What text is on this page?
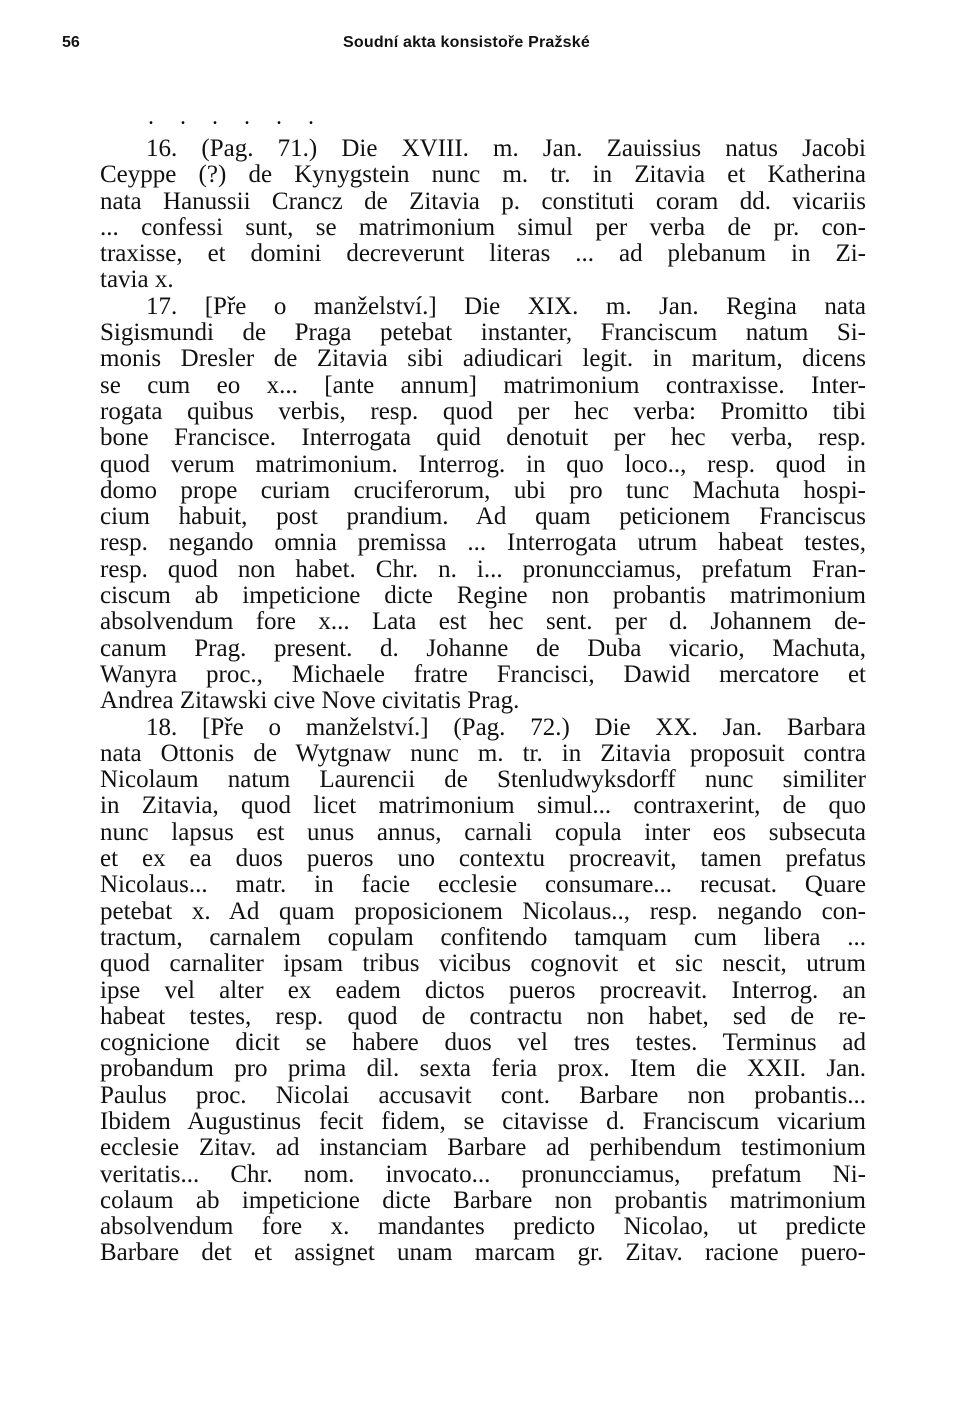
56	Soudní akta konsistoře Pražské
. . . . . .
16. (Pag. 71.) Die XVIII. m. Jan. Zauissius natus Jacobi
Ceyppe (?) de Kynygstein nunc m. tr. in Zitavia et Katherina
nata Hanussii Crancz de Zitavia p. constituti coram dd. vicariis
... confessi sunt, se matrimonium simul per verba de pr. con-
traxisse, et domini decreverunt literas ... ad plebanum in Zi-
tavia x.
17. [Pře o manželství.] Die XIX. m. Jan. Regina nata
Sigismundi de Praga petebat instanter, Franciscum natum Si-
monis Dresler de Zitavia sibi adiudicari legit. in maritum, dicens
se cum eo x... [ante annum] matrimonium contraxisse. Inter-
rogata quibus verbis, resp. quod per hec verba: Promitto tibi
bone Francisce. Interrogata quid denotuit per hec verba, resp.
quod verum matrimonium. Interrog. in quo loco.., resp. quod in
domo prope curiam cruciferorum, ubi pro tunc Machuta hospi-
cium habuit, post prandium. Ad quam peticionem Franciscus
resp. negando omnia premissa ... Interrogata utrum habeat testes,
resp. quod non habet. Chr. n. i... pronuncciamus, prefatum Fran-
ciscum ab impeticione dicte Regine non probantis matrimonium
absolvendum fore x... Lata est hec sent. per d. Johannem de-
canum Prag. present. d. Johanne de Duba vicario, Machuta,
Wanyra proc., Michaele fratre Francisci, Dawid mercatore et
Andrea Zitawski cive Nove civitatis Prag.
18. [Pře o manželství.] (Pag. 72.) Die XX. Jan. Barbara
nata Ottonis de Wytgnaw nunc m. tr. in Zitavia proposuit contra
Nicolaum natum Laurencii de Stenludwyksdorff nunc similiter
in Zitavia, quod licet matrimonium simul... contraxerint, de quo
nunc lapsus est unus annus, carnali copula inter eos subsecuta
et ex ea duos pueros uno contextu procreavit, tamen prefatus
Nicolaus... matr. in facie ecclesie consumare... recusat. Quare
petebat x. Ad quam proposicionem Nicolaus.., resp. negando con-
tractum, carnalem copulam confitendo tamquam cum libera ...
quod carnaliter ipsam tribus vicibus cognovit et sic nescit, utrum
ipse vel alter ex eadem dictos pueros procreavit. Interrog. an
habeat testes, resp. quod de contractu non habet, sed de re-
cognicione dicit se habere duos vel tres testes. Terminus ad
probandum pro prima dil. sexta feria prox. Item die XXII. Jan.
Paulus proc. Nicolai accusavit cont. Barbare non probantis...
Ibidem Augustinus fecit fidem, se citavisse d. Franciscum vicarium
ecclesie Zitav. ad instanciam Barbare ad perhibendum testimonium
veritatis... Chr. nom. invocato... pronuncciamus, prefatum Ni-
colaum ab impeticione dicte Barbare non probantis matrimonium
absolvendum fore x. mandantes predicto Nicolao, ut predicte
Barbare det et assignet unam marcam gr. Zitav. racione puero-
